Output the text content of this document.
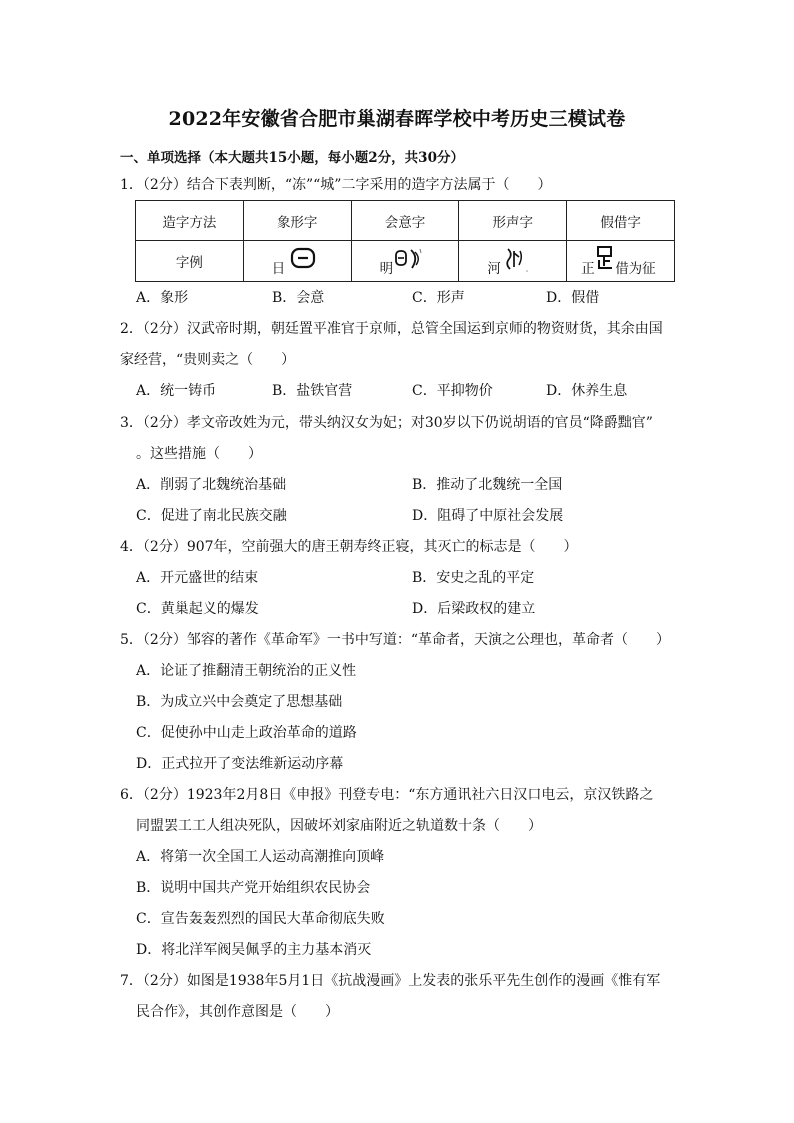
2022年安徽省合肥市巢湖春晖学校中考历史三模试卷
一、单项选择（本大题共15小题，每小题2分，共30分）
1．（2分）结合下表判断，“冻”“城”二字采用的造字方法属于（　　）
造字方法	象形字	会意字	形声字	假借字
字例	日	明	河	正 借为征
A．象形	B．会意	C．形声	D．假借
2．（2分）汉武帝时期，朝廷置平准官于京师，总管全国运到京师的物资财货，其余由国
家经营，“贵则卖之（　　）
A．统一铸币	B．盐铁官营	C．平抑物价	D．休养生息
3．（2分）孝文帝改姓为元，带头纳汉女为妃；对30岁以下仍说胡语的官员“降爵黜官”
。这些措施（　　）
A．削弱了北魏统治基础	B．推动了北魏统一全国
C．促进了南北民族交融	D．阻碍了中原社会发展
4．（2分）907年，空前强大的唐王朝寿终正寝，其灭亡的标志是（　　）
A．开元盛世的结束	B．安史之乱的平定
C．黄巢起义的爆发	D．后梁政权的建立
5．（2分）邹容的著作《革命军》一书中写道：“革命者，天演之公理也，革命者（　　）
A．论证了推翻清王朝统治的正义性
B．为成立兴中会奠定了思想基础
C．促使孙中山走上政治革命的道路
D．正式拉开了变法维新运动序幕
6．（2分）1923年2月8日《申报》刊登专电：“东方通讯社六日汉口电云，京汉铁路之
同盟罢工工人组决死队，因破坏刘家庙附近之轨道数十条（　　）
A．将第一次全国工人运动高潮推向顶峰
B．说明中国共产党开始组织农民协会
C．宣告轰轰烈烈的国民大革命彻底失败
D．将北洋军阀吴佩孚的主力基本消灭
7．（2分）如图是1938年5月1日《抗战漫画》上发表的张乐平先生创作的漫画《惟有军
民合作》，其创作意图是（　　）
